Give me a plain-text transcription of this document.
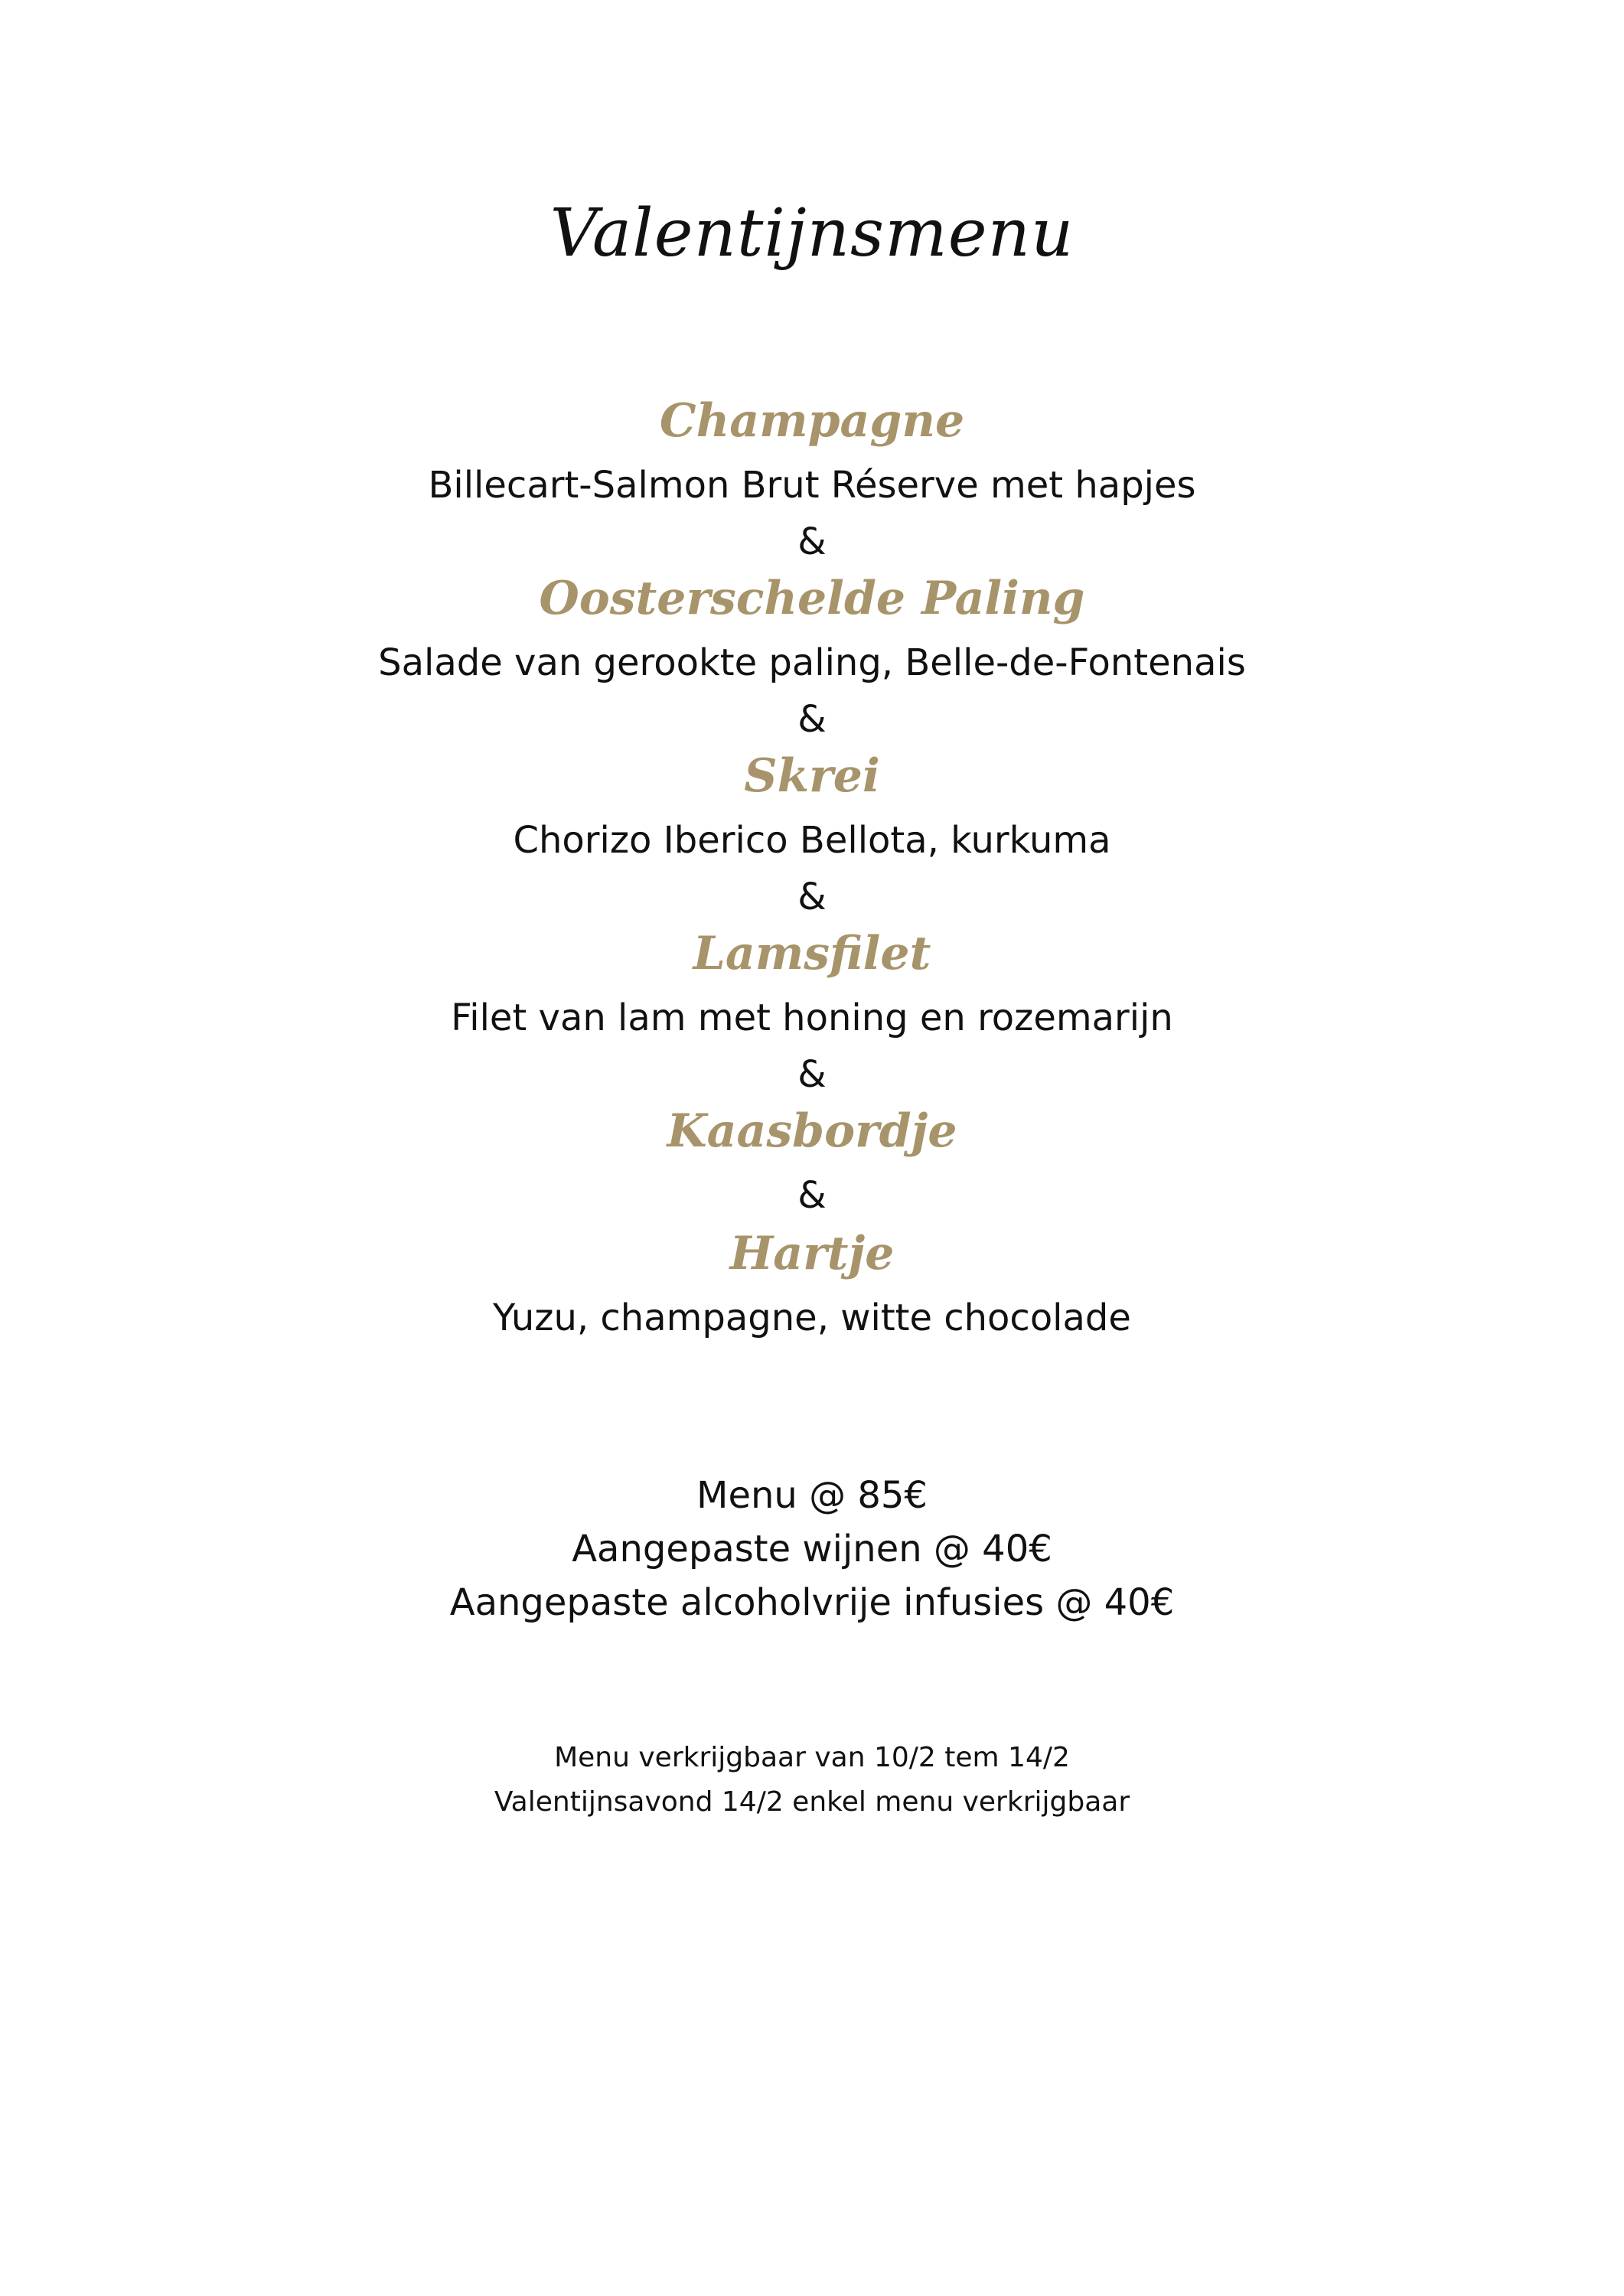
Valentijnsmenu
Champagne
Billecart-Salmon Brut Réserve met hapjes
&
Oosterschelde Paling
Salade van gerookte paling, Belle-de-Fontenais
&
Skrei
Chorizo Iberico Bellota, kurkuma
&
Lamsfilet
Filet van lam met honing en rozemarijn
&
Kaasbordje
&
Hartje
Yuzu, champagne, witte chocolade
Menu @ 85€
Aangepaste wijnen @ 40€
Aangepaste alcoholvrije infusies @ 40€
Menu verkrijgbaar van 10/2 tem 14/2
Valentijnsavond 14/2 enkel menu verkrijgbaar
